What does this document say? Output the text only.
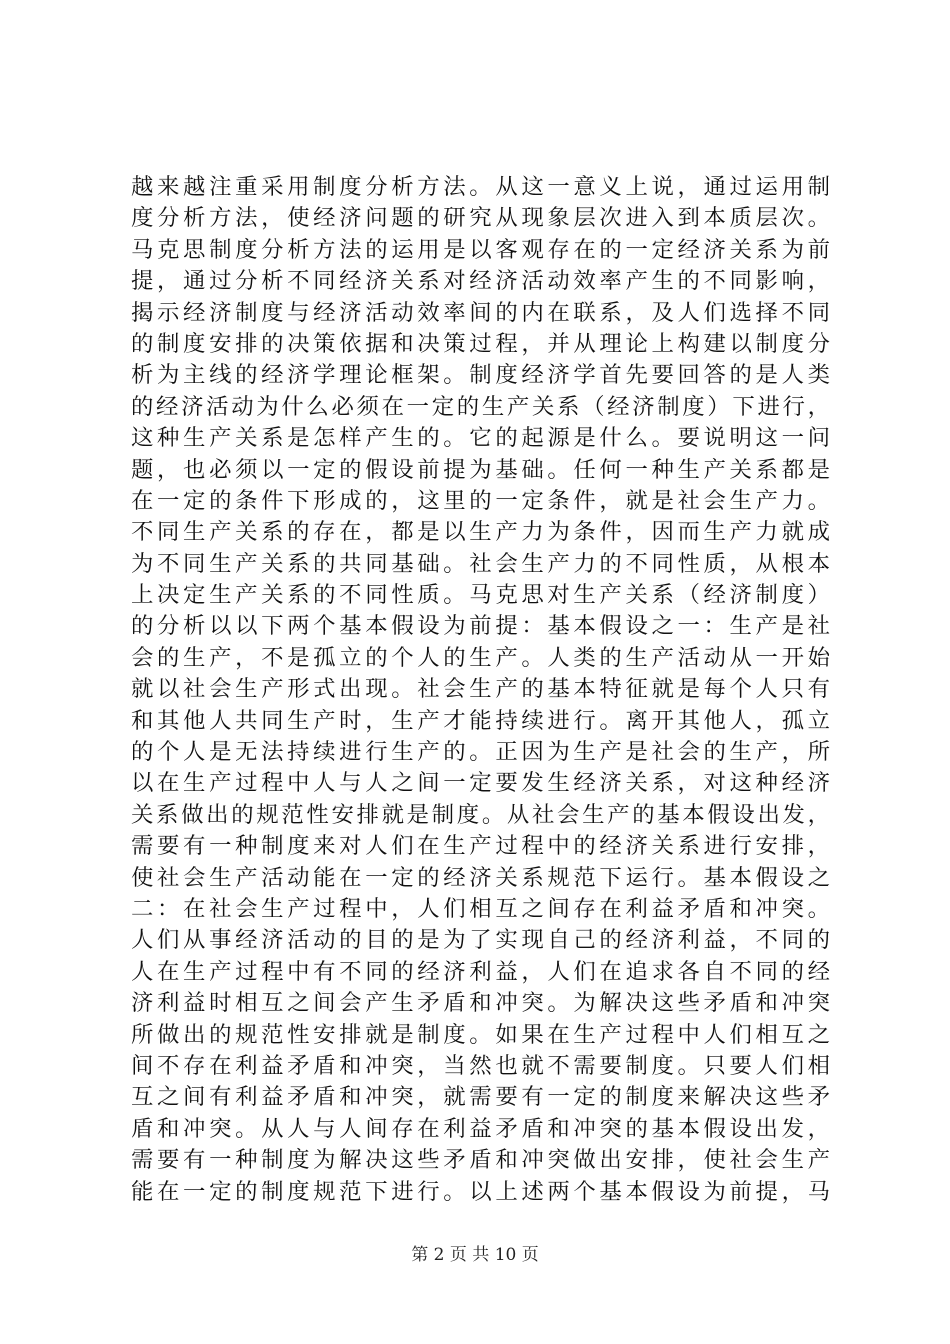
越来越注重采用制度分析方法。从这一意义上说，通过运用制
度分析方法，使经济问题的研究从现象层次进入到本质层次。
马克思制度分析方法的运用是以客观存在的一定经济关系为前
提，通过分析不同经济关系对经济活动效率产生的不同影响，
揭示经济制度与经济活动效率间的内在联系，及人们选择不同
的制度安排的决策依据和决策过程，并从理论上构建以制度分
析为主线的经济学理论框架。制度经济学首先要回答的是人类
的经济活动为什么必须在一定的生产关系（经济制度）下进行，
这种生产关系是怎样产生的。它的起源是什么。要说明这一问
题，也必须以一定的假设前提为基础。任何一种生产关系都是
在一定的条件下形成的，这里的一定条件，就是社会生产力。
不同生产关系的存在，都是以生产力为条件，因而生产力就成
为不同生产关系的共同基础。社会生产力的不同性质，从根本
上决定生产关系的不同性质。马克思对生产关系（经济制度）
的分析以以下两个基本假设为前提：基本假设之一：生产是社
会的生产，不是孤立的个人的生产。人类的生产活动从一开始
就以社会生产形式出现。社会生产的基本特征就是每个人只有
和其他人共同生产时，生产才能持续进行。离开其他人，孤立
的个人是无法持续进行生产的。正因为生产是社会的生产，所
以在生产过程中人与人之间一定要发生经济关系，对这种经济
关系做出的规范性安排就是制度。从社会生产的基本假设出发，
需要有一种制度来对人们在生产过程中的经济关系进行安排，
使社会生产活动能在一定的经济关系规范下运行。基本假设之
二：在社会生产过程中，人们相互之间存在利益矛盾和冲突。
人们从事经济活动的目的是为了实现自己的经济利益，不同的
人在生产过程中有不同的经济利益，人们在追求各自不同的经
济利益时相互之间会产生矛盾和冲突。为解决这些矛盾和冲突
所做出的规范性安排就是制度。如果在生产过程中人们相互之
间不存在利益矛盾和冲突，当然也就不需要制度。只要人们相
互之间有利益矛盾和冲突，就需要有一定的制度来解决这些矛
盾和冲突。从人与人间存在利益矛盾和冲突的基本假设出发，
需要有一种制度为解决这些矛盾和冲突做出安排，使社会生产
能在一定的制度规范下进行。以上述两个基本假设为前提，马
第 2 页 共 10 页
